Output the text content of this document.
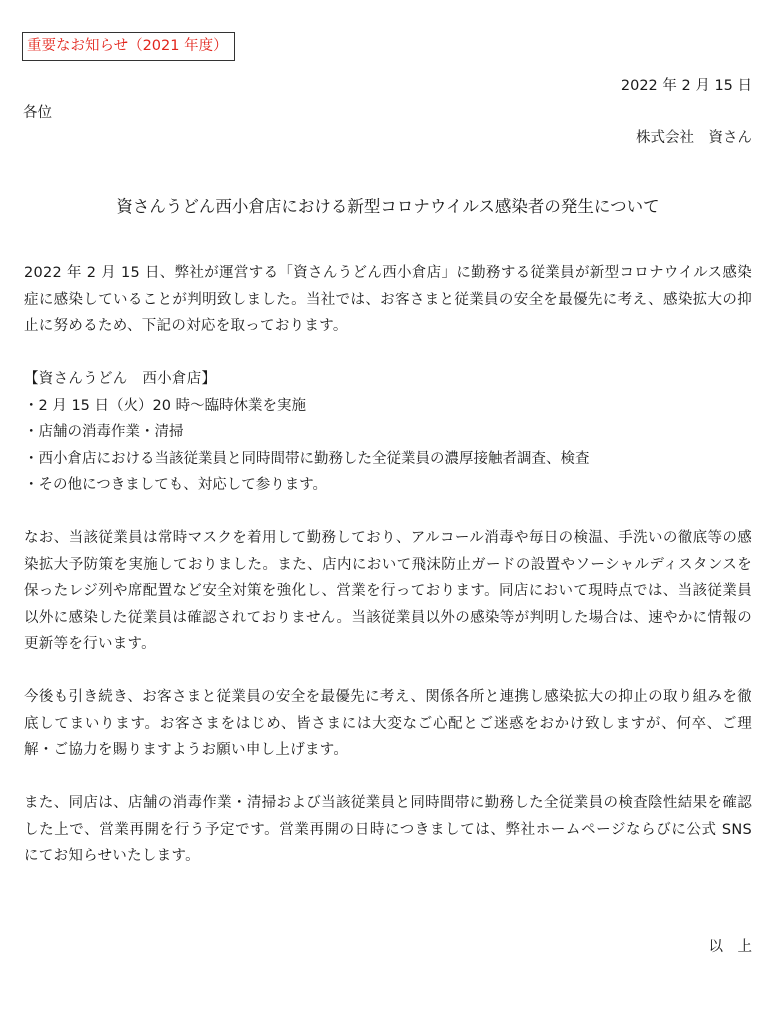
重要なお知らせ（2021 年度）
2022 年 2 月 15 日
各位
株式会社　資さん
資さんうどん西小倉店における新型コロナウイルス感染者の発生について

2022 年 2 月 15 日、弊社が運営する「資さんうどん西小倉店」に勤務する従業員が新型コロナウイルス感染症に感染していることが判明致しました。当社では、お客さまと従業員の安全を最優先に考え、感染拡大の抑止に努めるため、下記の対応を取っております。

【資さんうどん　西小倉店】
・2 月 15 日（火）20 時～臨時休業を実施
・店舗の消毒作業・清掃
・西小倉店における当該従業員と同時間帯に勤務した全従業員の濃厚接触者調査、検査
・その他につきましても、対応して参ります。

なお、当該従業員は常時マスクを着用して勤務しており、アルコール消毒や毎日の検温、手洗いの徹底等の感染拡大予防策を実施しておりました。また、店内において飛沫防止ガードの設置やソーシャルディスタンスを保ったレジ列や席配置など安全対策を強化し、営業を行っております。同店において現時点では、当該従業員以外に感染した従業員は確認されておりません。当該従業員以外の感染等が判明した場合は、速やかに情報の更新等を行います。

今後も引き続き、お客さまと従業員の安全を最優先に考え、関係各所と連携し感染拡大の抑止の取り組みを徹底してまいります。お客さまをはじめ、皆さまには大変なご心配とご迷惑をおかけ致しますが、何卒、ご理解・ご協力を賜りますようお願い申し上げます。

また、同店は、店舗の消毒作業・清掃および当該従業員と同時間帯に勤務した全従業員の検査陰性結果を確認した上で、営業再開を行う予定です。営業再開の日時につきましては、弊社ホームページならびに公式 SNS にてお知らせいたします。

以　上
